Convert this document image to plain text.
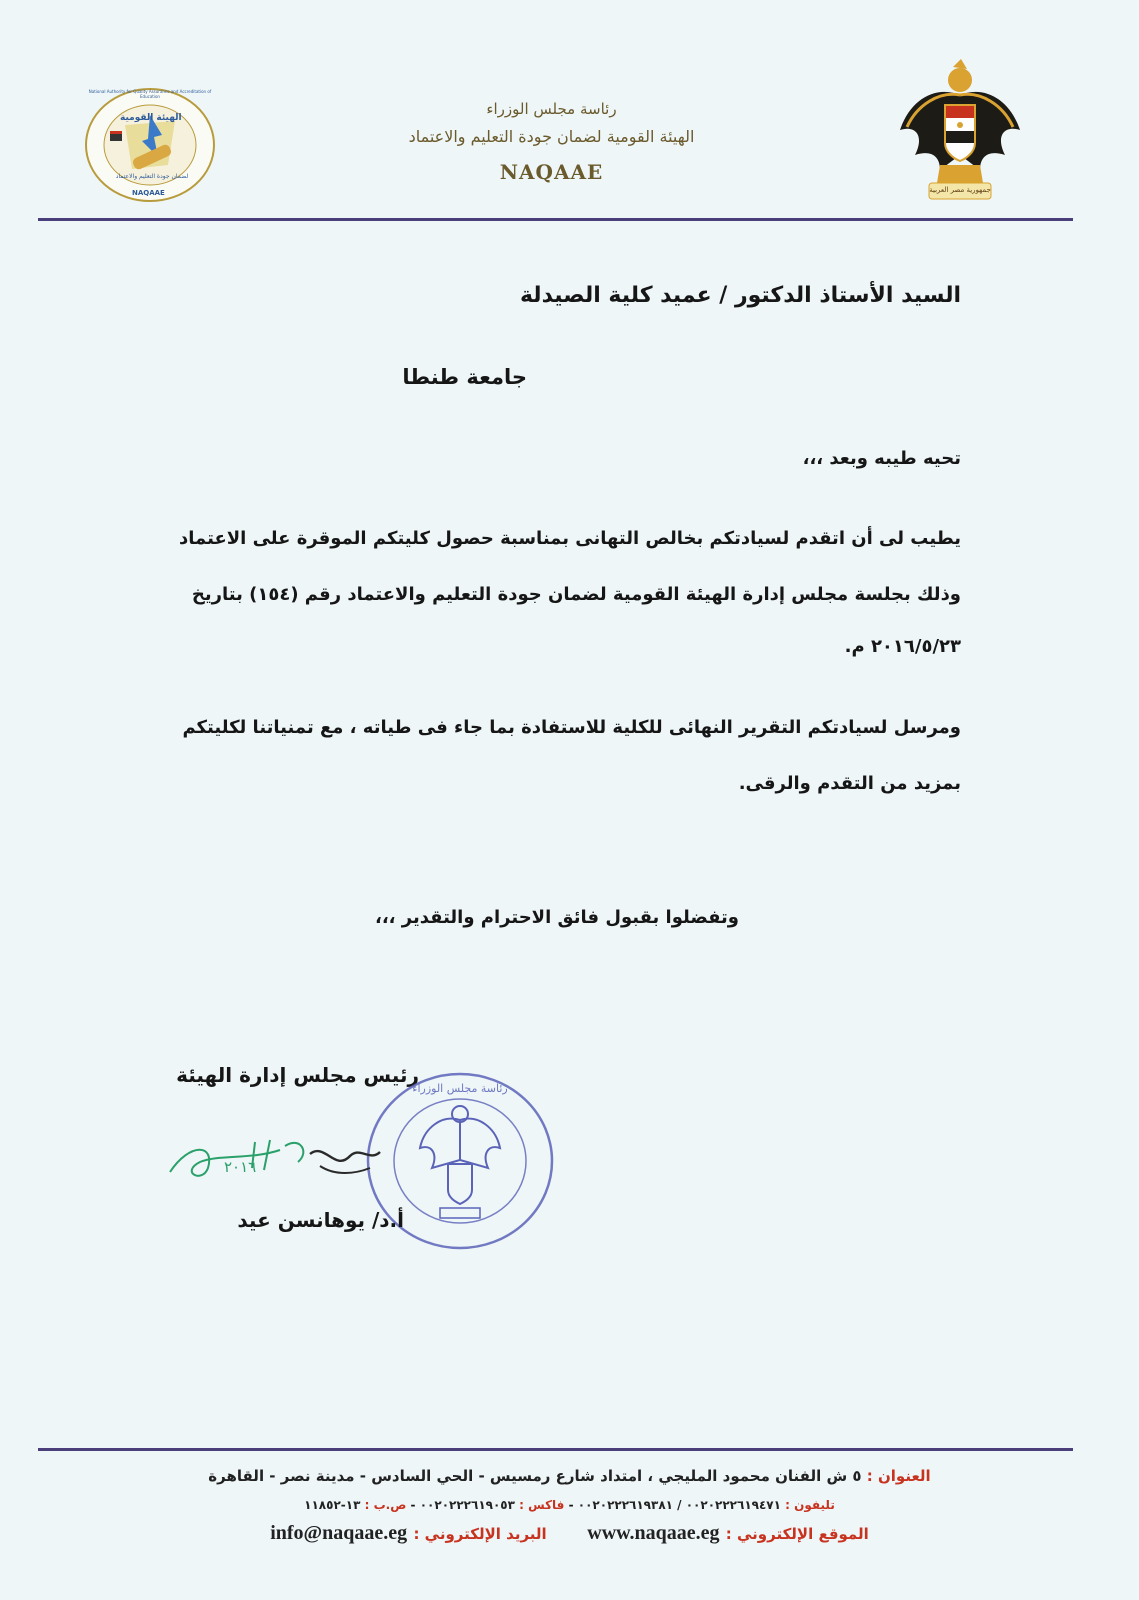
الهيئة القومية
لضمان جودة التعليم والاعتماد
National Authority for Quality Assurance and Accreditation of Education
NAQAAE
رئاسة مجلس الوزراء
الهيئة القومية لضمان جودة التعليم والاعتماد
NAQAAE
جمهورية مصر العربية
السيد الأستاذ الدكتور / عميد كلية الصيدلة
جامعة طنطا
تحيه طيبه وبعد ،،،
يطيب لى أن اتقدم لسيادتكم بخالص التهانى بمناسبة حصول كليتكم الموقرة على الاعتماد
وذلك بجلسة مجلس إدارة الهيئة القومية لضمان جودة التعليم والاعتماد رقم (١٥٤) بتاريخ
٢٠١٦/٥/٢٣ م.
ومرسل لسيادتكم التقرير النهائى للكلية للاستفادة بما جاء فى طياته ، مع تمنياتنا لكليتكم
بمزيد من التقدم والرقى.
وتفضلوا بقبول فائق الاحترام والتقدير ،،،
رئيس مجلس إدارة الهيئة
رئاسة مجلس الوزراء
٢٠١٦
أ.د/ يوهانسن عيد
العنوان : ٥ ش الفنان محمود المليجي ، امتداد شارع رمسيس - الحي السادس - مدينة نصر - القاهرة
تليفون : ٠٠٢٠٢٢٢٦١٩٤٧١ / ٠٠٢٠٢٢٢٦١٩٣٨١ - فاكس : ٠٠٢٠٢٢٢٦١٩٠٥٣ - ص.ب : ١٣-١١٨٥٢
الموقع الإلكتروني : www.naqaae.eg  البريد الإلكتروني : info@naqaae.eg
